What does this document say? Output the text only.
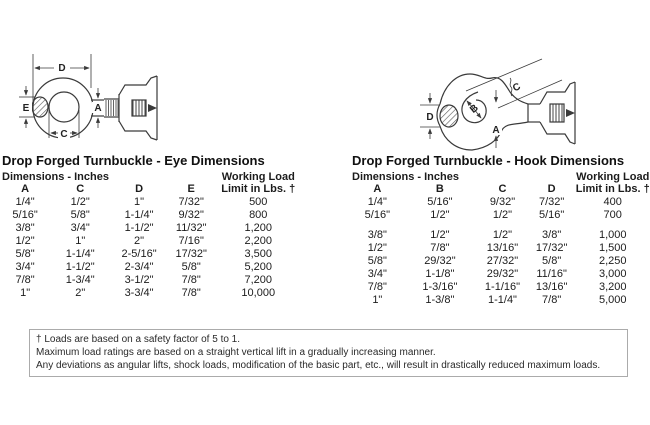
D
E	A
C
D
B
C
A
Drop Forged Turnbuckle - Eye Dimensions
Dimensions - Inches	Working Load
A	C	D	E	Limit in Lbs. †
1/4"	1/2"	1"	7/32"	500
5/16"	5/8"	1-1/4"	9/32"	800
3/8"	3/4"	1-1/2"	11/32"	1,200
1/2"	1"	2"	7/16"	2,200
5/8"	1-1/4"	2-5/16"	17/32"	3,500
3/4"	1-1/2"	2-3/4"	5/8"	5,200
7/8"	1-3/4"	3-1/2"	7/8"	7,200
1"	2"	3-3/4"	7/8"	10,000
Drop Forged Turnbuckle - Hook Dimensions
Dimensions - Inches	Working Load
A	B	C	D	Limit in Lbs. †
1/4"	5/16"	9/32"	7/32"	400
5/16"	1/2"	1/2"	5/16"	700
3/8"	1/2"	1/2"	3/8"	1,000
1/2"	7/8"	13/16"	17/32"	1,500
5/8"	29/32"	27/32"	5/8"	2,250
3/4"	1-1/8"	29/32"	11/16"	3,000
7/8"	1-3/16"	1-1/16"	13/16"	3,200
1"	1-3/8"	1-1/4"	7/8"	5,000

† Loads are based on a safety factor of 5 to 1.

Maximum load ratings are based on a straight vertical lift in a gradually increasing manner.

Any deviations as angular lifts, shock loads, modification of the basic part, etc., will result in drastically reduced maximum loads.
